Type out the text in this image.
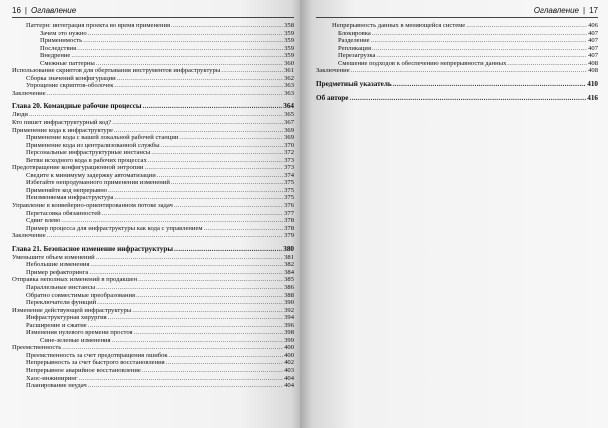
16 | Оглавление
Паттерн: интеграция проекта во время применения .....	358
Зачем это нужно .....	359
Применимость .....	359
Последствия .....	359
Внедрение .....	359
Смежные паттерны .....	360
Использование скриптов для обертывания инструментов инфраструктуры .....	361
Сборка значений конфигурации .....	362
Упрощение скриптов-оболочек .....	363
Заключение .....	363
Глава 20. Командные рабочие процессы .....	364
Люди .....	365
Кто пишет инфраструктурный код? .....	367
Применение кода к инфраструктуре .....	369
Применение кода с вашей локальной рабочей станции .....	369
Применение кода из централизованной службы .....	370
Персональные инфраструктурные инстансы .....	372
Ветви исходного кода в рабочих процессах .....	373
Предотвращение конфигурационной энтропии .....	373
Сведите к минимуму задержку автоматизации .....	374
Избегайте непродуманного применения изменений .....	375
Применяйте код непрерывно .....	375
Неизменяемая инфраструктура .....	375
Управление в конвейерно-ориентированном потоке задач .....	376
Перетасовка обязанностей .....	377
Сдвиг влево .....	378
Пример процесса для инфраструктуры как кода с управлением .....	378
Заключение .....	379
Глава 21. Безопасное изменение инфраструктуры .....	380
Уменьшите объем изменений .....	381
Небольшие изменения .....	382
Пример рефакторинга .....	384
Отправка неполных изменений в продакшен .....	385
Параллельные инстансы .....	386
Обратно совместимые преобразования .....	388
Переключатели функций .....	390
Изменение действующей инфраструктуры .....	392
Инфраструктурная хирургия .....	394
Расширение и сжатие .....	396
Изменения нулевого времени простоя .....	398
Сине-зеленые изменения .....	399
Преемственность .....	400
Преемственность за счет предотвращения ошибок .....	400
Непрерывность за счет быстрого восстановления .....	402
Непрерывное аварийное восстановление .....	403
Хаос-инжиниринг .....	404
Планирование неудач .....	404
Оглавление | 17
Непрерывность данных в меняющейся системе .....	406
Блокировка .....	407
Разделение .....	407
Репликация .....	407
Перезагрузка .....	407
Смешение подходов к обеспечению непрерывности данных .....	408
Заключение .....	408
Предметный указатель .....	410
Об авторе .....	416
